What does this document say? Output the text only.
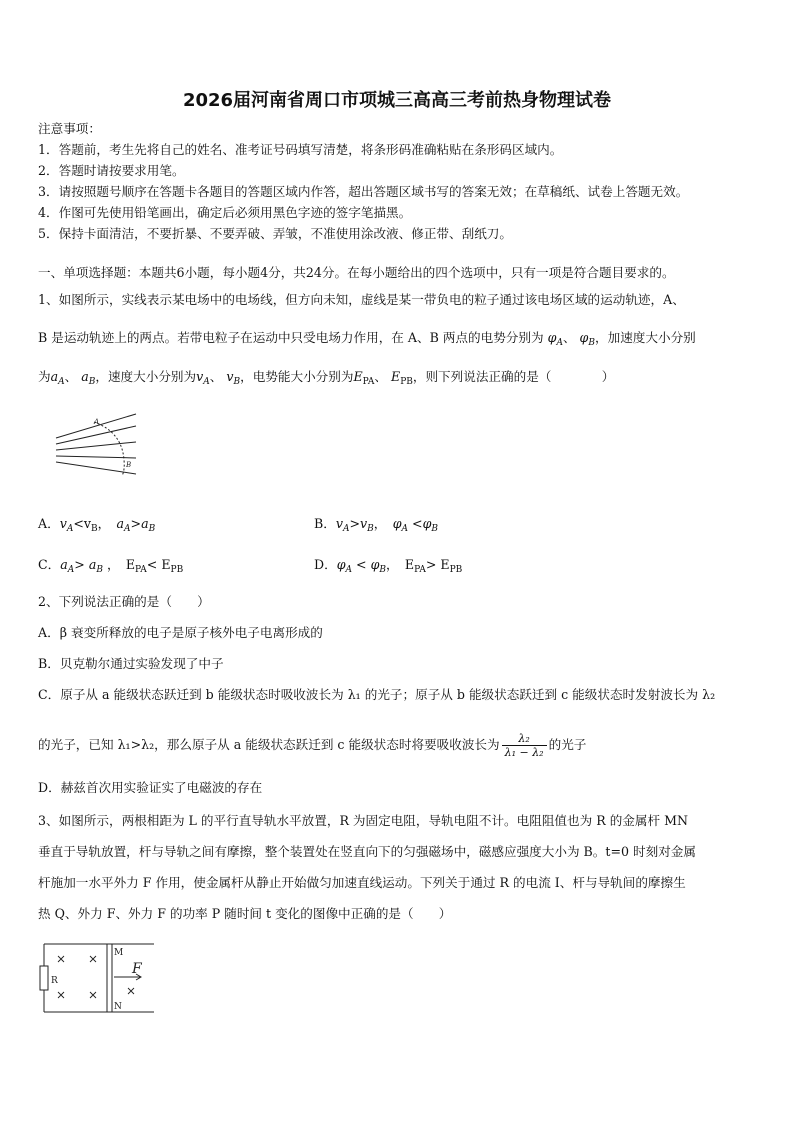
2026届河南省周口市项城三高高三考前热身物理试卷
注意事项：
1．答题前，考生先将自己的姓名、准考证号码填写清楚，将条形码准确粘贴在条形码区域内。
2．答题时请按要求用笔。
3．请按照题号顺序在答题卡各题目的答题区域内作答，超出答题区域书写的答案无效；在草稿纸、试卷上答题无效。
4．作图可先使用铅笔画出，确定后必须用黑色字迹的签字笔描黑。
5．保持卡面清洁，不要折暴、不要弄破、弄皱，不准使用涂改液、修正带、刮纸刀。
一、单项选择题：本题共6小题，每小题4分，共24分。在每小题给出的四个选项中，只有一项是符合题目要求的。
1、如图所示，实线表示某电场中的电场线，但方向未知，虚线是某一带负电的粒子通过该电场区域的运动轨迹，A、
B 是运动轨迹上的两点。若带电粒子在运动中只受电场力作用，在 A、B 两点的电势分别为 $\varphi_A$、 $\varphi_B$，加速度大小分别
为$a_A$、 $a_B$，速度大小分别为$v_A$、 $v_B$，电势能大小分别为$E_{PA}$、 $E_{PB}$，则下列说法正确的是（　　　　）
A
B
A．$v_A<v_B$，　$a_A>a_B$	B．$v_A>v_B$，　$\varphi_A <\varphi_B$
C．$a_A> a_B$ ，　$E_{PA}< E_{PB}$	D．$\varphi_A < \varphi_B$，　$E_{PA}> E_{PB}$
2、下列说法正确的是（　　）
A．β 衰变所释放的电子是原子核外电子电离形成的
B．贝克勒尔通过实验发现了中子
C．原子从 a 能级状态跃迁到 b 能级状态时吸收波长为 λ₁ 的光子；原子从 b 能级状态跃迁到 c 能级状态时发射波长为 λ₂
的光子，已知 λ₁>λ₂，那么原子从 a 能级状态跃迁到 c 能级状态时将要吸收波长为 $\frac{\text{λ₂}}{\text{λ₁ − λ₂}}$ 的光子
D．赫兹首次用实验证实了电磁波的存在
3、如图所示，两根相距为 L 的平行直导轨水平放置，R 为固定电阻，导轨电阻不计。电阻阻值也为 R 的金属杆 MN
垂直于导轨放置，杆与导轨之间有摩擦，整个装置处在竖直向下的匀强磁场中，磁感应强度大小为 B。t=0 时刻对金属
杆施加一水平外力 F 作用，使金属杆从静止开始做匀加速直线运动。下列关于通过 R 的电流 I、杆与导轨间的摩擦生
热 Q、外力 F、外力 F 的功率 P 随时间 t 变化的图像中正确的是（　　）
R
M
N
F
